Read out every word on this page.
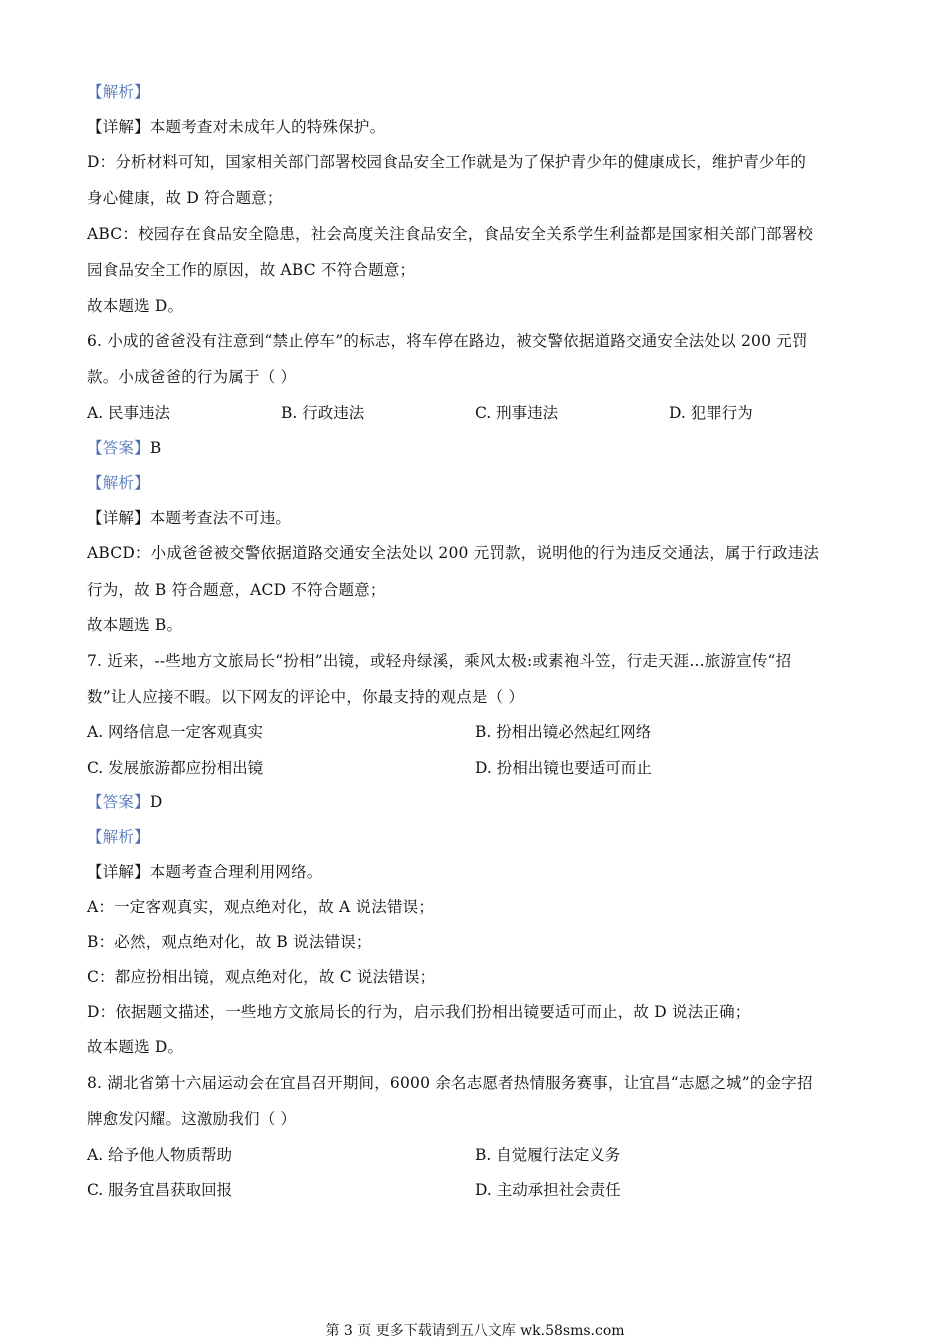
【解析】
【详解】本题考查对未成年人的特殊保护。
D：分析材料可知，国家相关部门部署校园食品安全工作就是为了保护青少年的健康成长，维护青少年的
身心健康，故 D 符合题意；
ABC：校园存在食品安全隐患，社会高度关注食品安全，食品安全关系学生利益都是国家相关部门部署校
园食品安全工作的原因，故 ABC 不符合题意；
故本题选 D。
6. 小成的爸爸没有注意到“禁止停车”的标志，将车停在路边，被交警依据道路交通安全法处以 200 元罚
款。小成爸爸的行为属于（ ）
A. 民事违法	B. 行政违法	C. 刑事违法	D. 犯罪行为
【答案】B
【解析】
【详解】本题考查法不可违。
ABCD：小成爸爸被交警依据道路交通安全法处以 200 元罚款，说明他的行为违反交通法，属于行政违法
行为，故 B 符合题意，ACD 不符合题意；
故本题选 B。
7. 近来，--些地方文旅局长“扮相”出镜，或轻舟绿溪，乘风太极:或素袍斗笠，行走天涯...旅游宣传“招
数”让人应接不暇。以下网友的评论中，你最支持的观点是（ ）
A. 网络信息一定客观真实	B. 扮相出镜必然起红网络
C. 发展旅游都应扮相出镜	D. 扮相出镜也要适可而止
【答案】D
【解析】
【详解】本题考查合理利用网络。
A：一定客观真实，观点绝对化，故 A 说法错误；
B：必然，观点绝对化，故 B 说法错误；
C：都应扮相出镜，观点绝对化，故 C 说法错误；
D：依据题文描述，一些地方文旅局长的行为，启示我们扮相出镜要适可而止，故 D 说法正确；
故本题选 D。
8. 湖北省第十六届运动会在宜昌召开期间，6000 余名志愿者热情服务赛事，让宜昌“志愿之城”的金字招
牌愈发闪耀。这激励我们（ ）
A. 给予他人物质帮助	B. 自觉履行法定义务
C. 服务宜昌获取回报	D. 主动承担社会责任
第 3 页 更多下载请到五八文库 wk.58sms.com
